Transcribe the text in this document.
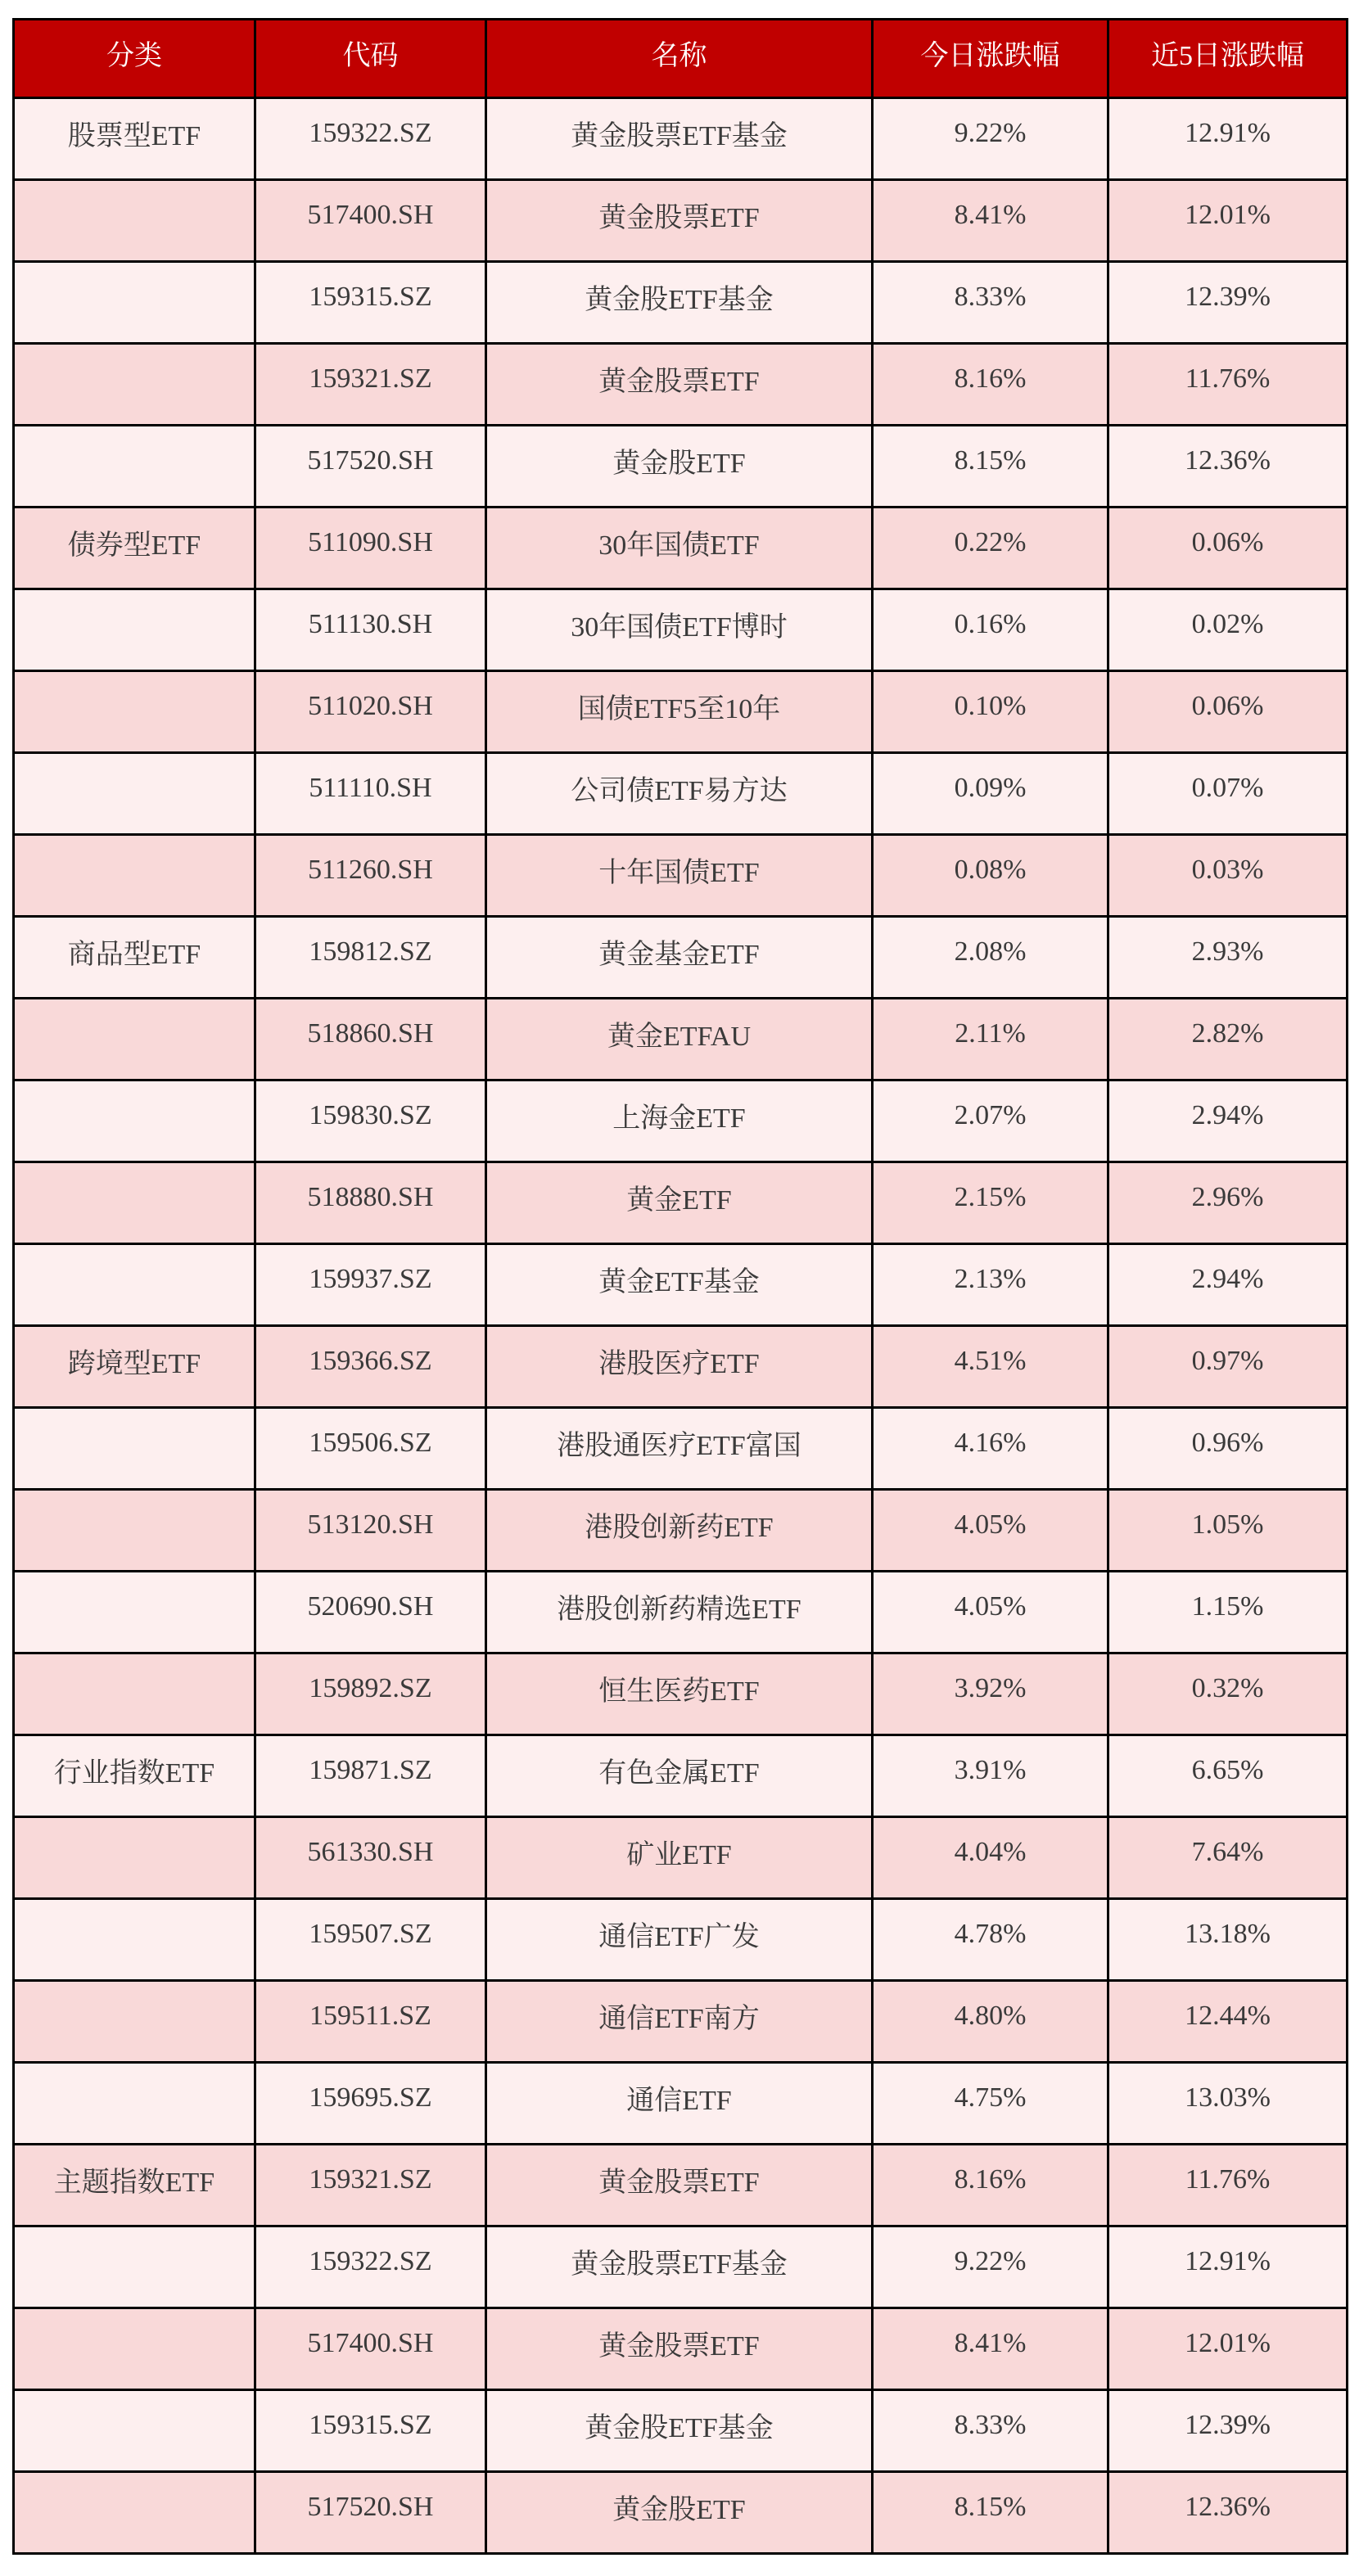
分类	代码	名称	今日涨跌幅	近5日涨跌幅
股票型ETF	159322.SZ	黄金股票ETF基金	9.22%	12.91%
	517400.SH	黄金股票ETF	8.41%	12.01%
	159315.SZ	黄金股ETF基金	8.33%	12.39%
	159321.SZ	黄金股票ETF	8.16%	11.76%
	517520.SH	黄金股ETF	8.15%	12.36%
债券型ETF	511090.SH	30年国债ETF	0.22%	0.06%
	511130.SH	30年国债ETF博时	0.16%	0.02%
	511020.SH	国债ETF5至10年	0.10%	0.06%
	511110.SH	公司债ETF易方达	0.09%	0.07%
	511260.SH	十年国债ETF	0.08%	0.03%
商品型ETF	159812.SZ	黄金基金ETF	2.08%	2.93%
	518860.SH	黄金ETFAU	2.11%	2.82%
	159830.SZ	上海金ETF	2.07%	2.94%
	518880.SH	黄金ETF	2.15%	2.96%
	159937.SZ	黄金ETF基金	2.13%	2.94%
跨境型ETF	159366.SZ	港股医疗ETF	4.51%	0.97%
	159506.SZ	港股通医疗ETF富国	4.16%	0.96%
	513120.SH	港股创新药ETF	4.05%	1.05%
	520690.SH	港股创新药精选ETF	4.05%	1.15%
	159892.SZ	恒生医药ETF	3.92%	0.32%
行业指数ETF	159871.SZ	有色金属ETF	3.91%	6.65%
	561330.SH	矿业ETF	4.04%	7.64%
	159507.SZ	通信ETF广发	4.78%	13.18%
	159511.SZ	通信ETF南方	4.80%	12.44%
	159695.SZ	通信ETF	4.75%	13.03%
主题指数ETF	159321.SZ	黄金股票ETF	8.16%	11.76%
	159322.SZ	黄金股票ETF基金	9.22%	12.91%
	517400.SH	黄金股票ETF	8.41%	12.01%
	159315.SZ	黄金股ETF基金	8.33%	12.39%
	517520.SH	黄金股ETF	8.15%	12.36%
